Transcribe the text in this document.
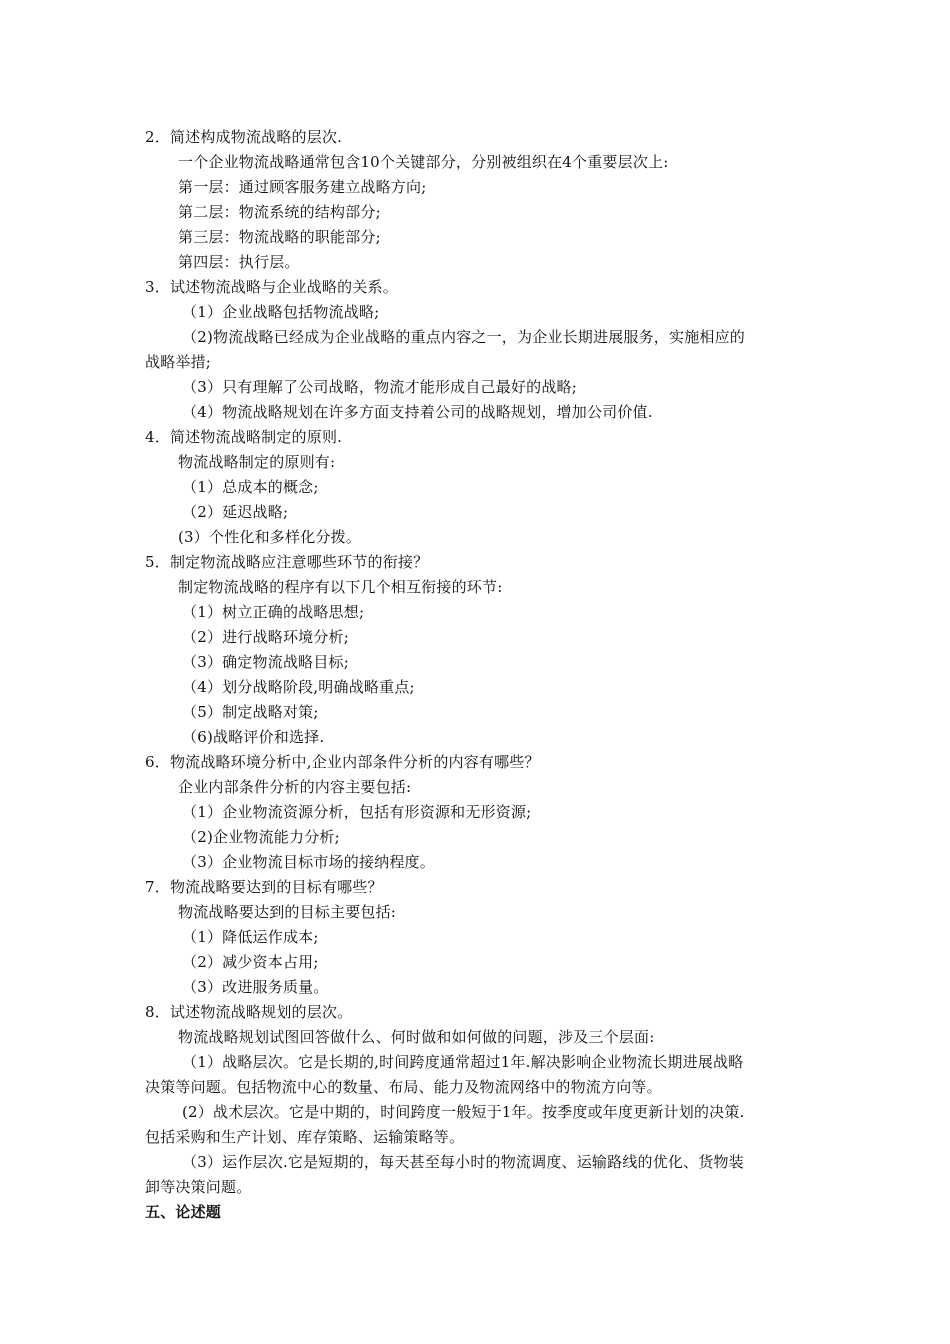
2．简述构成物流战略的层次.
一个企业物流战略通常包含10个关键部分，分别被组织在4个重要层次上:
第一层：通过顾客服务建立战略方向;
第二层：物流系统的结构部分;
第三层：物流战略的职能部分;
第四层：执行层。
3．试述物流战略与企业战略的关系。
（1）企业战略包括物流战略;
（2)物流战略已经成为企业战略的重点内容之一，为企业长期进展服务，实施相应的
战略举措;
（3）只有理解了公司战略，物流才能形成自己最好的战略;
（4）物流战略规划在许多方面支持着公司的战略规划，增加公司价值.
4．简述物流战略制定的原则.
物流战略制定的原则有:
（1）总成本的概念;
（2）延迟战略;
(3）个性化和多样化分拨。
5．制定物流战略应注意哪些环节的衔接？
制定物流战略的程序有以下几个相互衔接的环节:
（1）树立正确的战略思想;
（2）进行战略环境分析;
（3）确定物流战略目标;
（4）划分战略阶段,明确战略重点;
（5）制定战略对策;
（6)战略评价和选择.
6．物流战略环境分析中,企业内部条件分析的内容有哪些？
企业内部条件分析的内容主要包括:
（1）企业物流资源分析，包括有形资源和无形资源;
（2)企业物流能力分析;
（3）企业物流目标市场的接纳程度。
7．物流战略要达到的目标有哪些？
物流战略要达到的目标主要包括:
（1）降低运作成本;
（2）减少资本占用;
（3）改进服务质量。
8．试述物流战略规划的层次。
物流战略规划试图回答做什么、何时做和如何做的问题，涉及三个层面:
（1）战略层次。它是长期的,时间跨度通常超过1年.解决影响企业物流长期进展战略
决策等问题。包括物流中心的数量、布局、能力及物流网络中的物流方向等。
(2）战术层次。它是中期的，时间跨度一般短于1年。按季度或年度更新计划的决策.
包括采购和生产计划、库存策略、运输策略等。
（3）运作层次.它是短期的，每天甚至每小时的物流调度、运输路线的优化、货物装
卸等决策问题。
五、论述题
